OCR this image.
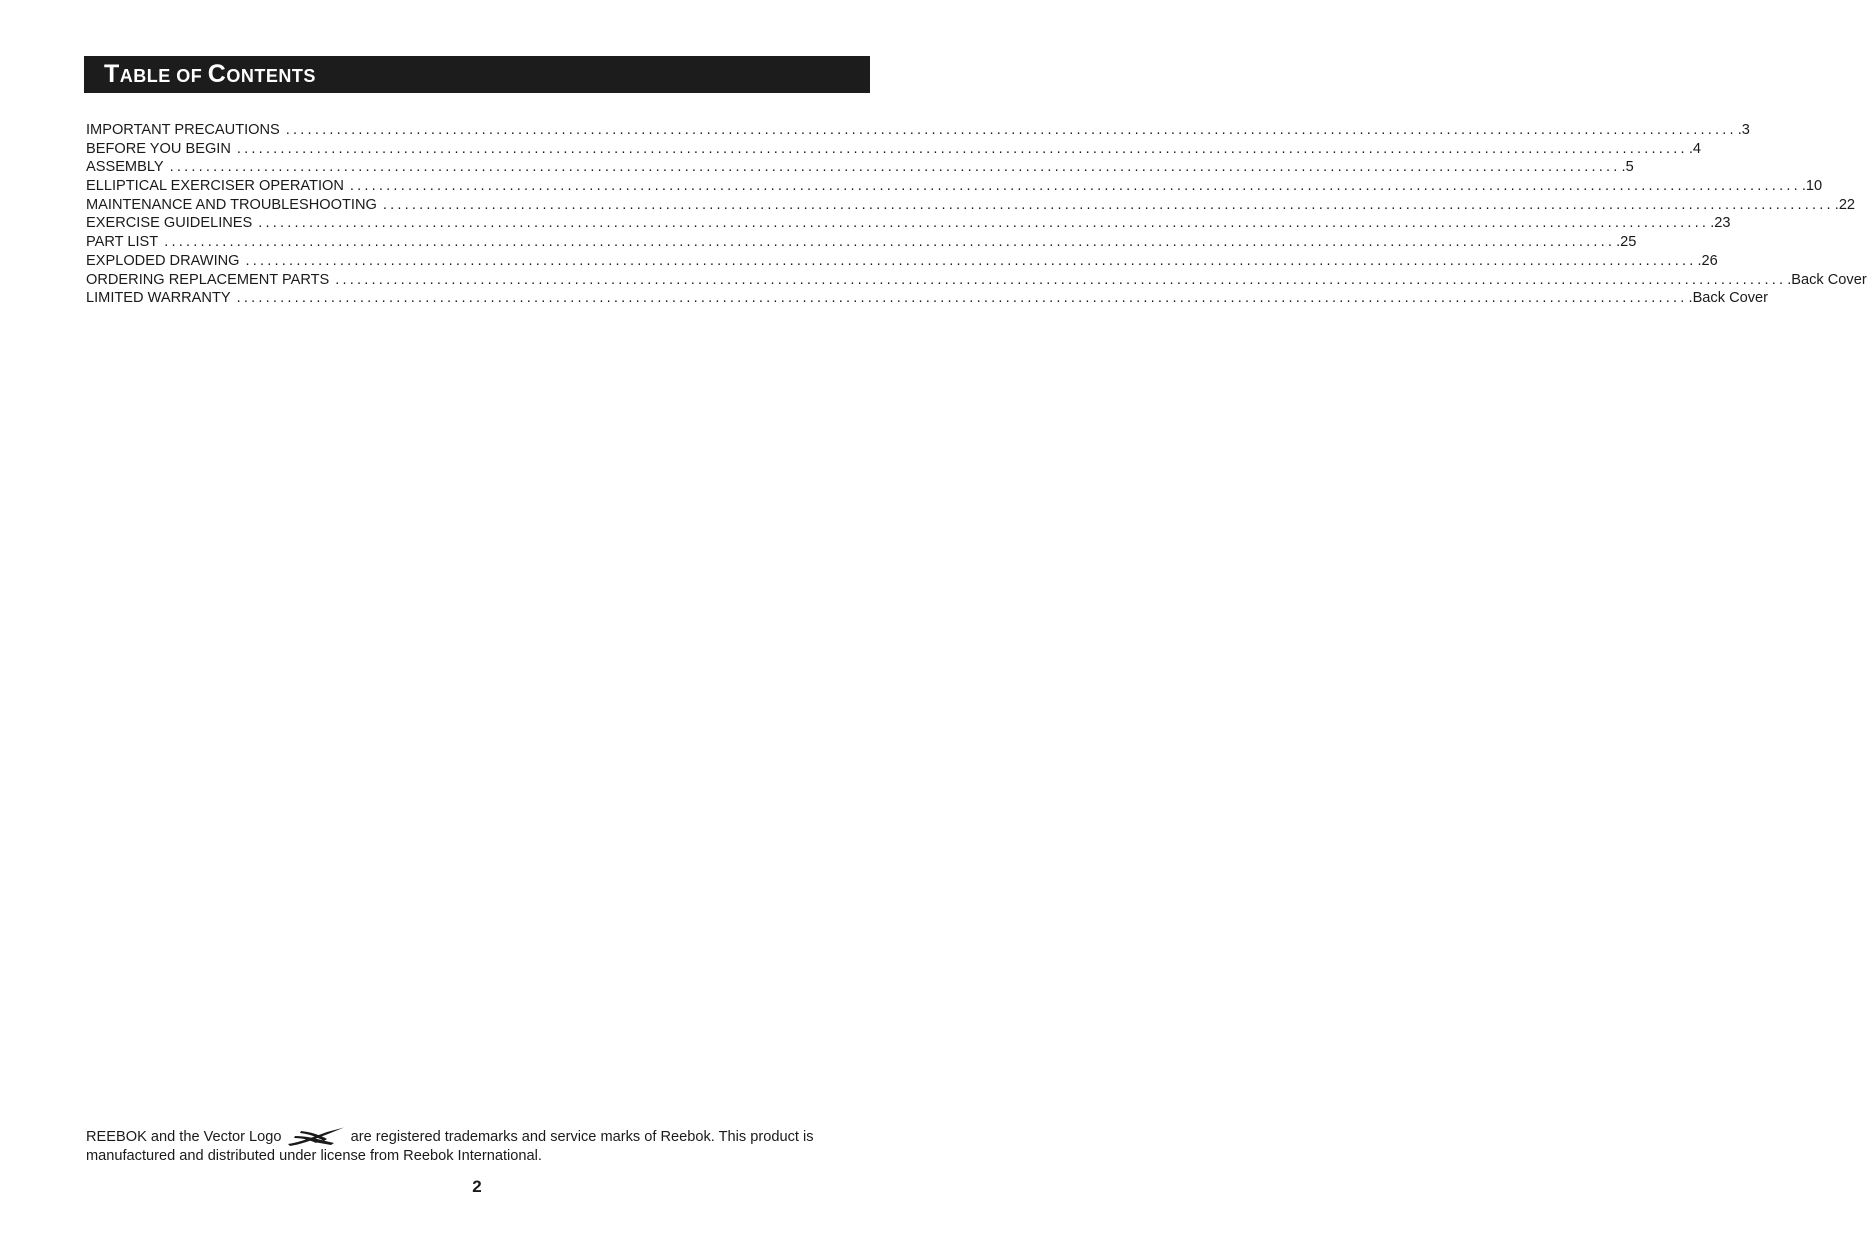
TABLE OF CONTENTS
IMPORTANT PRECAUTIONS ........................................................................................................................................................................................................ .3
BEFORE YOU BEGIN ........................................................................................................................................................................................................ .4
ASSEMBLY ........................................................................................................................................................................................................ .5
ELLIPTICAL EXERCISER OPERATION ........................................................................................................................................................................................................ .10
MAINTENANCE AND TROUBLESHOOTING ........................................................................................................................................................................................................ .22
EXERCISE GUIDELINES ........................................................................................................................................................................................................ .23
PART LIST ........................................................................................................................................................................................................ .25
EXPLODED DRAWING ........................................................................................................................................................................................................ .26
ORDERING REPLACEMENT PARTS ........................................................................................................................................................................................................ .Back Cover
LIMITED WARRANTY ........................................................................................................................................................................................................ .Back Cover

REEBOK and the Vector Logo	are registered trademarks and service marks of Reebok. This product is manufactured and distributed under license from Reebok International.

2
